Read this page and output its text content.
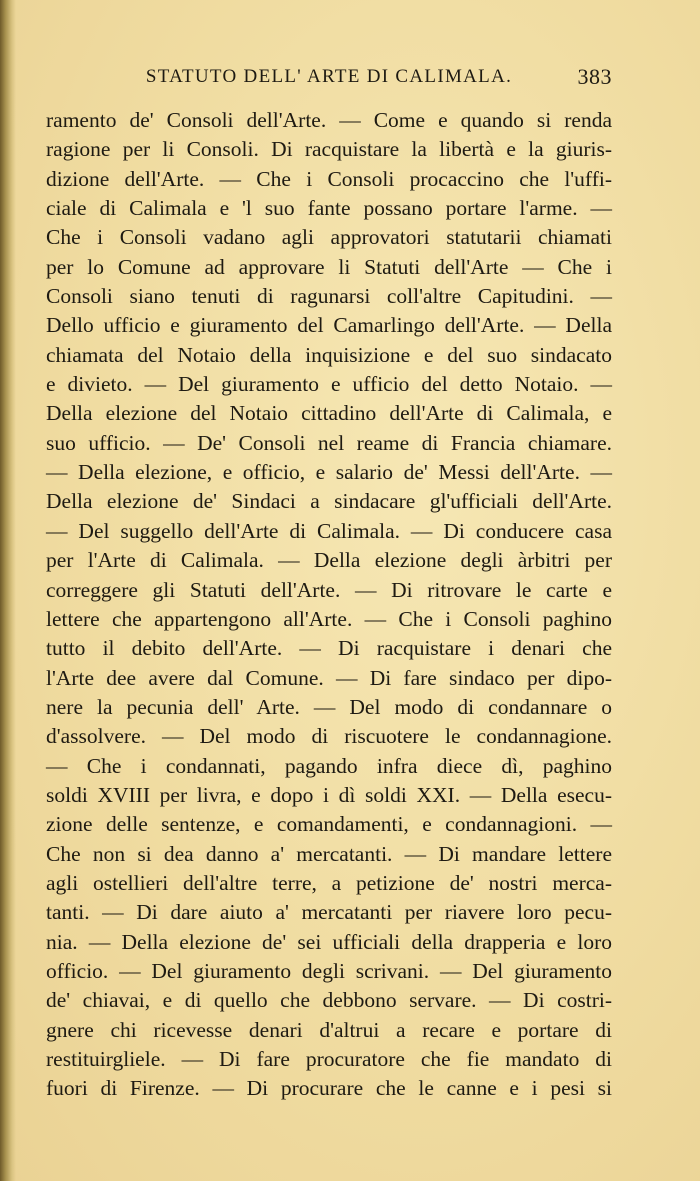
STATUTO DELL' ARTE DI CALIMALA.	383
ramento de' Consoli dell'Arte. — Come e quando si renda
ragione per li Consoli. Di racquistare la libertà e la giuris-
dizione dell'Arte. — Che i Consoli procaccino che l'uffi-
ciale di Calimala e 'l suo fante possano portare l'arme. —
Che i Consoli vadano agli approvatori statutarii chiamati
per lo Comune ad approvare li Statuti dell'Arte — Che i
Consoli siano tenuti di ragunarsi coll'altre Capitudini. —
Dello ufficio e giuramento del Camarlingo dell'Arte. — Della
chiamata del Notaio della inquisizione e del suo sindacato
e divieto. — Del giuramento e ufficio del detto Notaio. —
Della elezione del Notaio cittadino dell'Arte di Calimala, e
suo ufficio. — De' Consoli nel reame di Francia chiamare.
— Della elezione, e officio, e salario de' Messi dell'Arte. —
Della elezione de' Sindaci a sindacare gl'ufficiali dell'Arte.
— Del suggello dell'Arte di Calimala. — Di conducere casa
per l'Arte di Calimala. — Della elezione degli àrbitri per
correggere gli Statuti dell'Arte. — Di ritrovare le carte e
lettere che appartengono all'Arte. — Che i Consoli paghino
tutto il debito dell'Arte. — Di racquistare i denari che
l'Arte dee avere dal Comune. — Di fare sindaco per dipo-
nere la pecunia dell' Arte. — Del modo di condannare o
d'assolvere. — Del modo di riscuotere le condannagione.
— Che i condannati, pagando infra diece dì, paghino
soldi XVIII per livra, e dopo i dì soldi XXI. — Della esecu-
zione delle sentenze, e comandamenti, e condannagioni. —
Che non si dea danno a' mercatanti. — Di mandare lettere
agli ostellieri dell'altre terre, a petizione de' nostri merca-
tanti. — Di dare aiuto a' mercatanti per riavere loro pecu-
nia. — Della elezione de' sei ufficiali della drapperia e loro
officio. — Del giuramento degli scrivani. — Del giuramento
de' chiavai, e di quello che debbono servare. — Di costri-
gnere chi ricevesse denari d'altrui a recare e portare di
restituirgliele. — Di fare procuratore che fie mandato di
fuori di Firenze. — Di procurare che le canne e i pesi si
